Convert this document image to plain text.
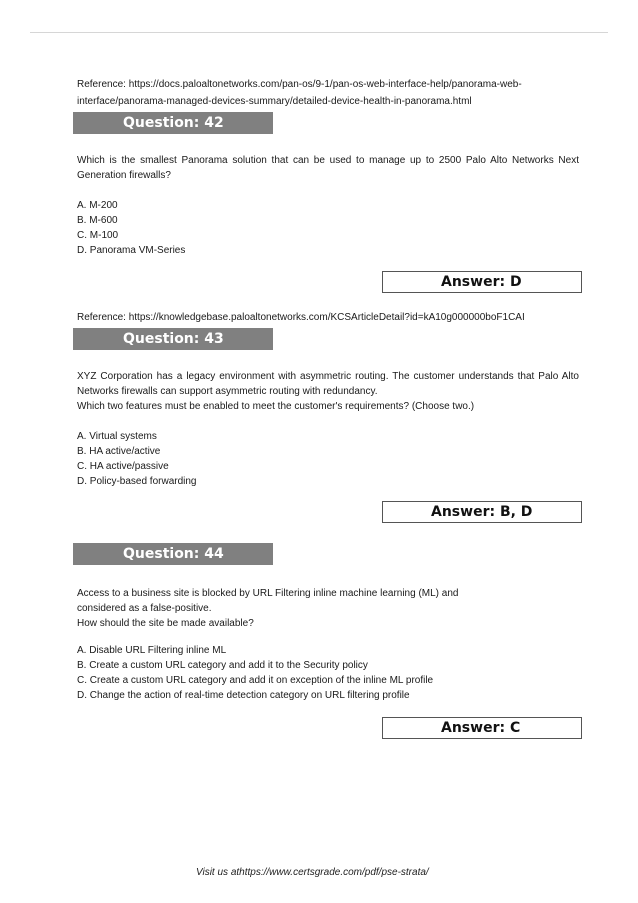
Reference: https://docs.paloaltonetworks.com/pan-os/9-1/pan-os-web-interface-help/panorama-web-
interface/panorama-managed-devices-summary/detailed-device-health-in-panorama.html
Question: 42
Which is the smallest Panorama solution that can be used to manage up to 2500 Palo Alto Networks Next Generation firewalls?
A. M-200
B. M-600
C. M-100
D. Panorama VM-Series
Answer: D
Reference: https://knowledgebase.paloaltonetworks.com/KCSArticleDetail?id=kA10g000000boF1CAI
Question: 43
XYZ Corporation has a legacy environment with asymmetric routing. The customer understands that Palo Alto Networks firewalls can support asymmetric routing with redundancy.
Which two features must be enabled to meet the customer's requirements? (Choose two.)
A. Virtual systems
B. HA active/active
C. HA active/passive
D. Policy-based forwarding
Answer: B, D
Question: 44
Access to a business site is blocked by URL Filtering inline machine learning (ML) and
considered as a false-positive.
How should the site be made available?
A. Disable URL Filtering inline ML
B. Create a custom URL category and add it to the Security policy
C. Create a custom URL category and add it on exception of the inline ML profile
D. Change the action of real-time detection category on URL filtering profile
Answer: C
Visit us athttps://www.certsgrade.com/pdf/pse-strata/
